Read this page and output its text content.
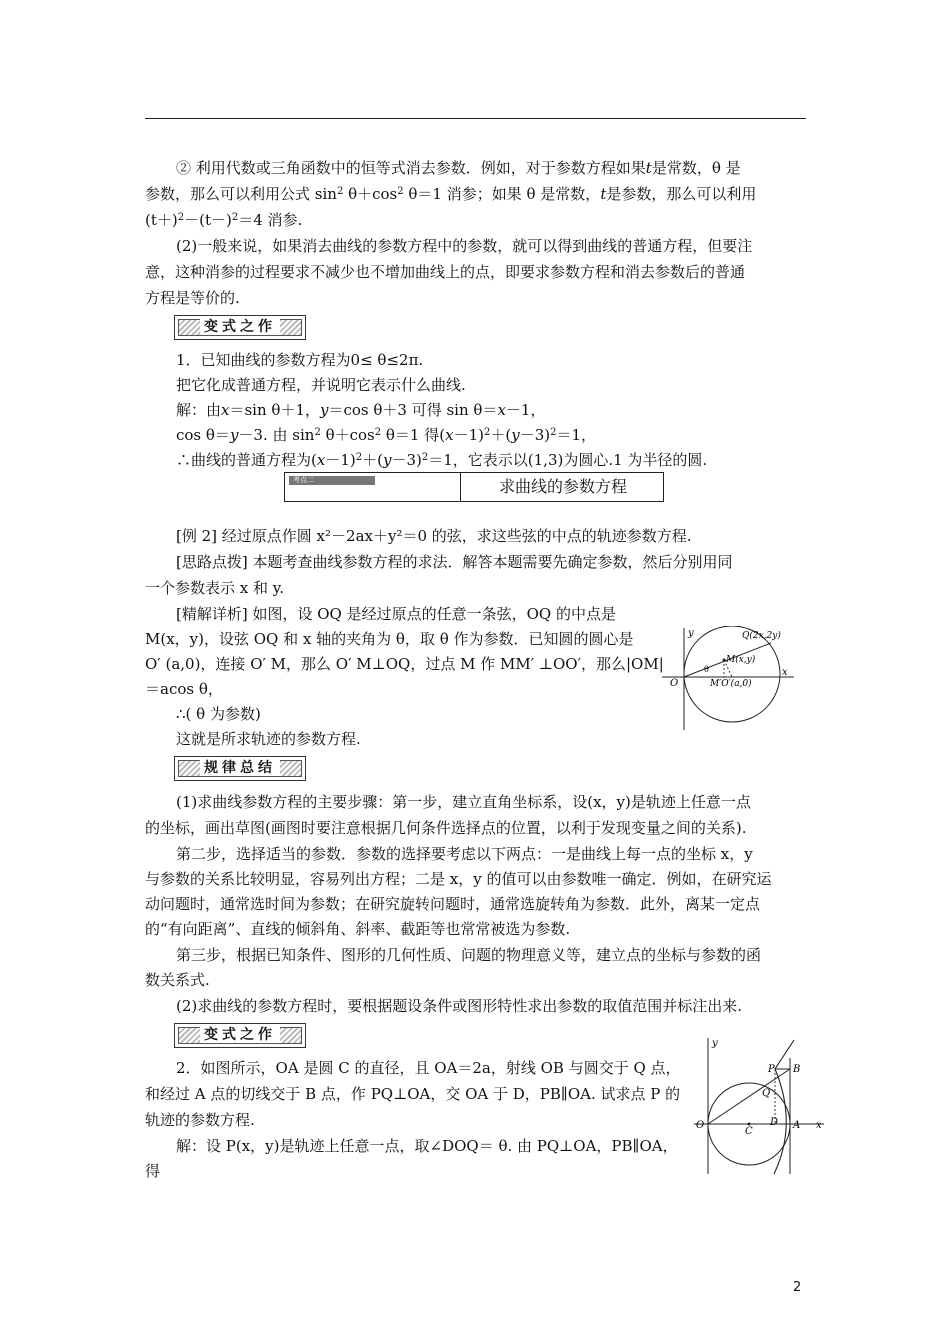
② 利用代数或三角函数中的恒等式消去参数．例如，对于参数方程如果t是常数，θ 是
参数，那么可以利用公式 $\sin^2 \theta+\cos^2$ θ＝1 消参；如果 θ 是常数，t是参数，那么可以利用
$(t+)^2-(t-)^2=4$ 消参.
(2)一般来说，如果消去曲线的参数方程中的参数，就可以得到曲线的普通方程，但要注
意，这种消参的过程要求不减少也不增加曲线上的点，即要求参数方程和消去参数后的普通
方程是等价的.
变式之作
1．已知曲线的参数方程为0≤ θ≤2π.
把它化成普通方程，并说明它表示什么曲线.
解：由x＝sin θ＋1，y＝cos θ＋3 可得 sin θ＝x－1，
cos θ＝y－3. 由 $\sin^2 \theta+\cos^2$ θ＝1 得$(x-1)^2+(y-3)^2=1$，
∴曲线的普通方程为$(x-1)^2+(y-3)^2=1$，它表示以(1,3)为圆心.1 为半径的圆.
考点二	求曲线的参数方程
[例 2] 经过原点作圆 x²－2ax＋y²＝0 的弦，求这些弦的中点的轨迹参数方程.
[思路点拨] 本题考查曲线参数方程的求法．解答本题需要先确定参数，然后分别用同
一个参数表示 x 和 y.
[精解详析] 如图，设 OQ 是经过原点的任意一条弦，OQ 的中点是
M(x，y)，设弦 OQ 和 x 轴的夹角为 θ，取 θ 作为参数．已知圆的圆心是
O′ (a,0)，连接 O′ M，那么 O′ M⊥OQ，过点 M 作 MM′ ⊥OO′，那么|OM|
＝acos θ，
∴( θ 为参数)
这就是所求轨迹的参数方程.
y
x
O
Q(2x,2y)
M(x,y)
θ
M′O′(a,0)
规律总结
(1)求曲线参数方程的主要步骤：第一步，建立直角坐标系，设(x，y)是轨迹上任意一点
的坐标，画出草图(画图时要注意根据几何条件选择点的位置，以利于发现变量之间的关系).
第二步，选择适当的参数．参数的选择要考虑以下两点：一是曲线上每一点的坐标 x，y
与参数的关系比较明显，容易列出方程；二是 x，y 的值可以由参数唯一确定．例如，在研究运
动问题时，通常选时间为参数；在研究旋转问题时，通常选旋转角为参数．此外，离某一定点
的“有向距离”、直线的倾斜角、斜率、截距等也常常被选为参数.
第三步，根据已知条件、图形的几何性质、问题的物理意义等，建立点的坐标与参数的函
数关系式.
(2)求曲线的参数方程时，要根据题设条件或图形特性求出参数的取值范围并标注出来.
变式之作
2．如图所示，OA 是圆 C 的直径，且 OA＝2a，射线 OB 与圆交于 Q 点，
和经过 A 点的切线交于 B 点，作 PQ⊥OA，交 OA 于 D，PB∥OA. 试求点 P 的
轨迹的参数方程.
解：设 P(x，y)是轨迹上任意一点，取∠DOQ＝ θ. 由 PQ⊥OA，PB∥OA，
得
y
x
O
C
D A
P B
Q
2
